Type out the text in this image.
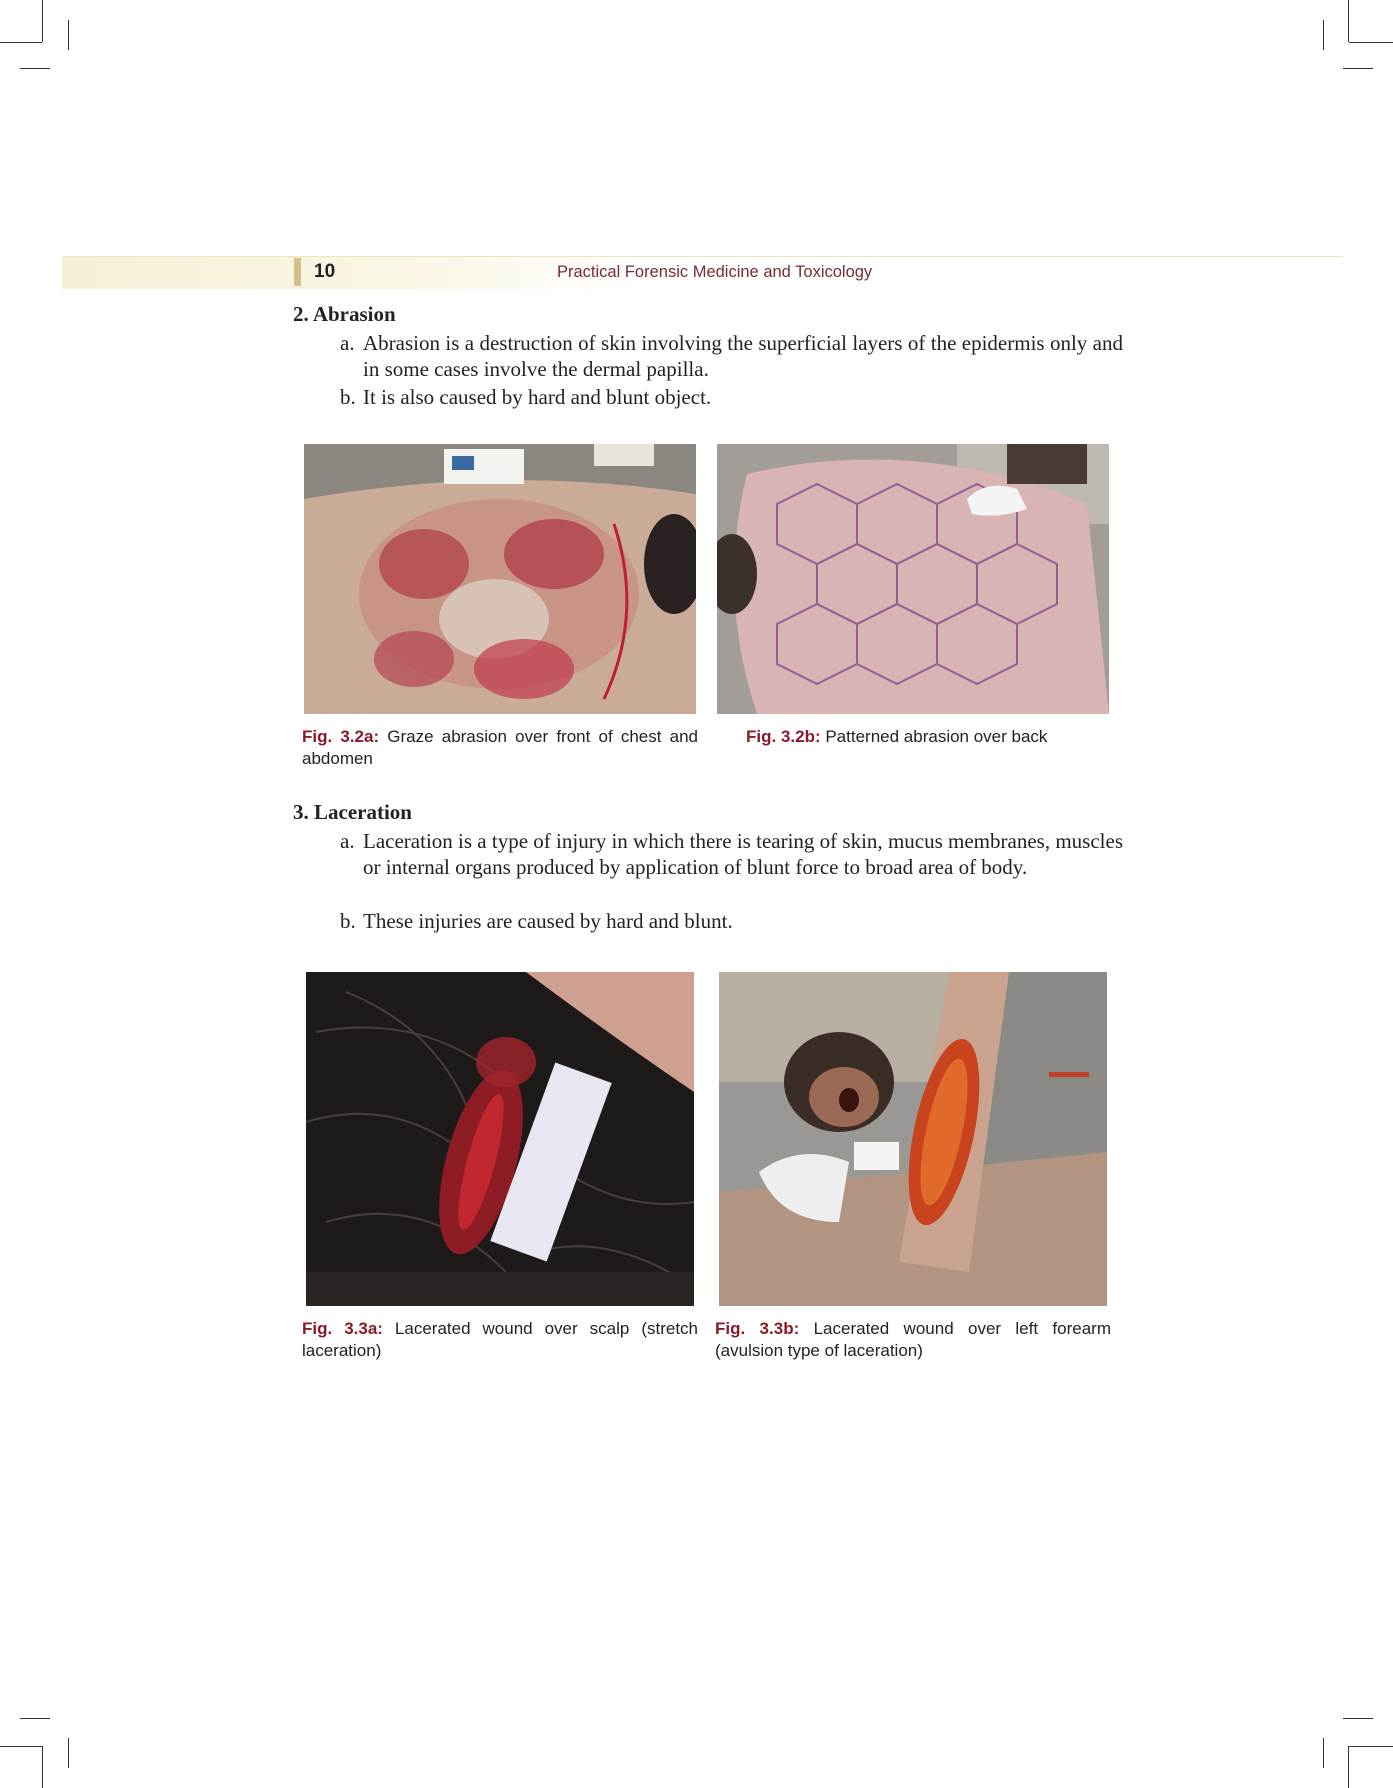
10	Practical Forensic Medicine and Toxicology
2. Abrasion
a. Abrasion is a destruction of skin involving the superficial layers of the epidermis only and in some cases involve the dermal papilla.
b. It is also caused by hard and blunt object.
Fig. 3.2a: Graze abrasion over front of chest and abdomen
Fig. 3.2b: Patterned abrasion over back
3. Laceration
a. Laceration is a type of injury in which there is tearing of skin, mucus membranes, muscles or internal organs produced by application of blunt force to broad area of body.
b. These injuries are caused by hard and blunt.
Fig. 3.3a: Lacerated wound over scalp (stretch laceration)
Fig. 3.3b: Lacerated wound over left forearm (avulsion type of laceration)
